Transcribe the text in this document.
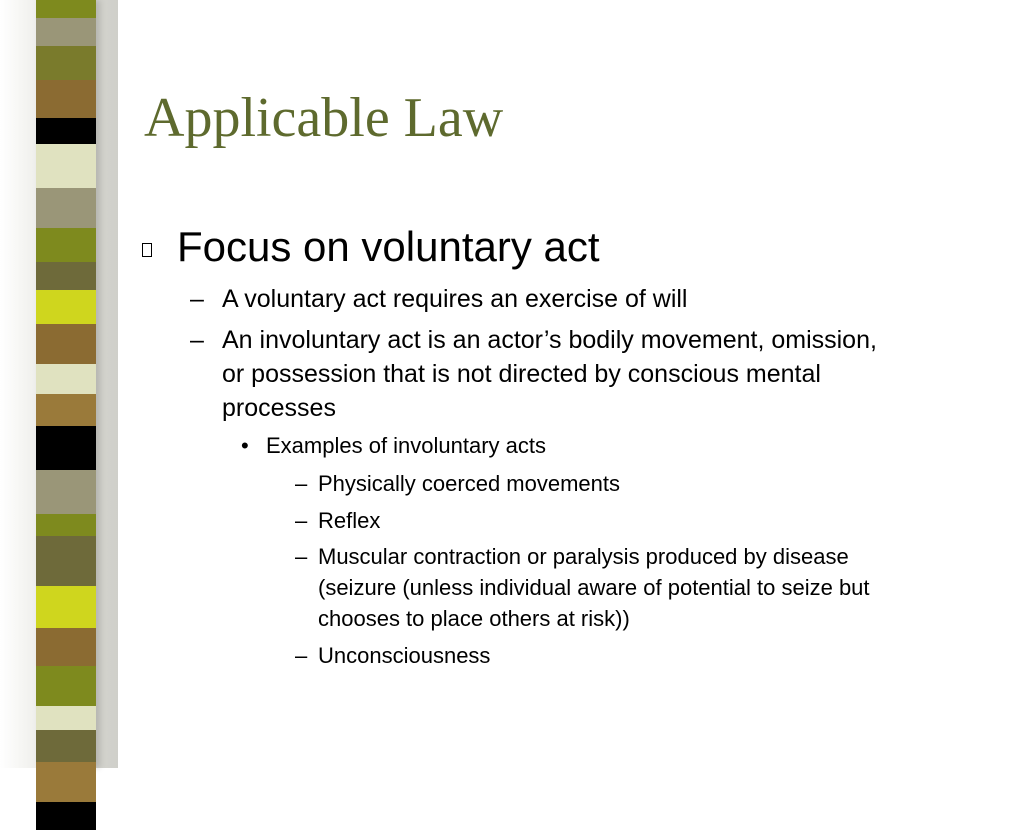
Applicable Law
Focus on voluntary act
– A voluntary act requires an exercise of will
– An involuntary act is an actor’s bodily movement, omission,
or possession that is not directed by conscious mental
processes
• Examples of involuntary acts
– Physically coerced movements
– Reflex
– Muscular contraction or paralysis produced by disease
(seizure (unless individual aware of potential to seize but
chooses to place others at risk))
– Unconsciousness
